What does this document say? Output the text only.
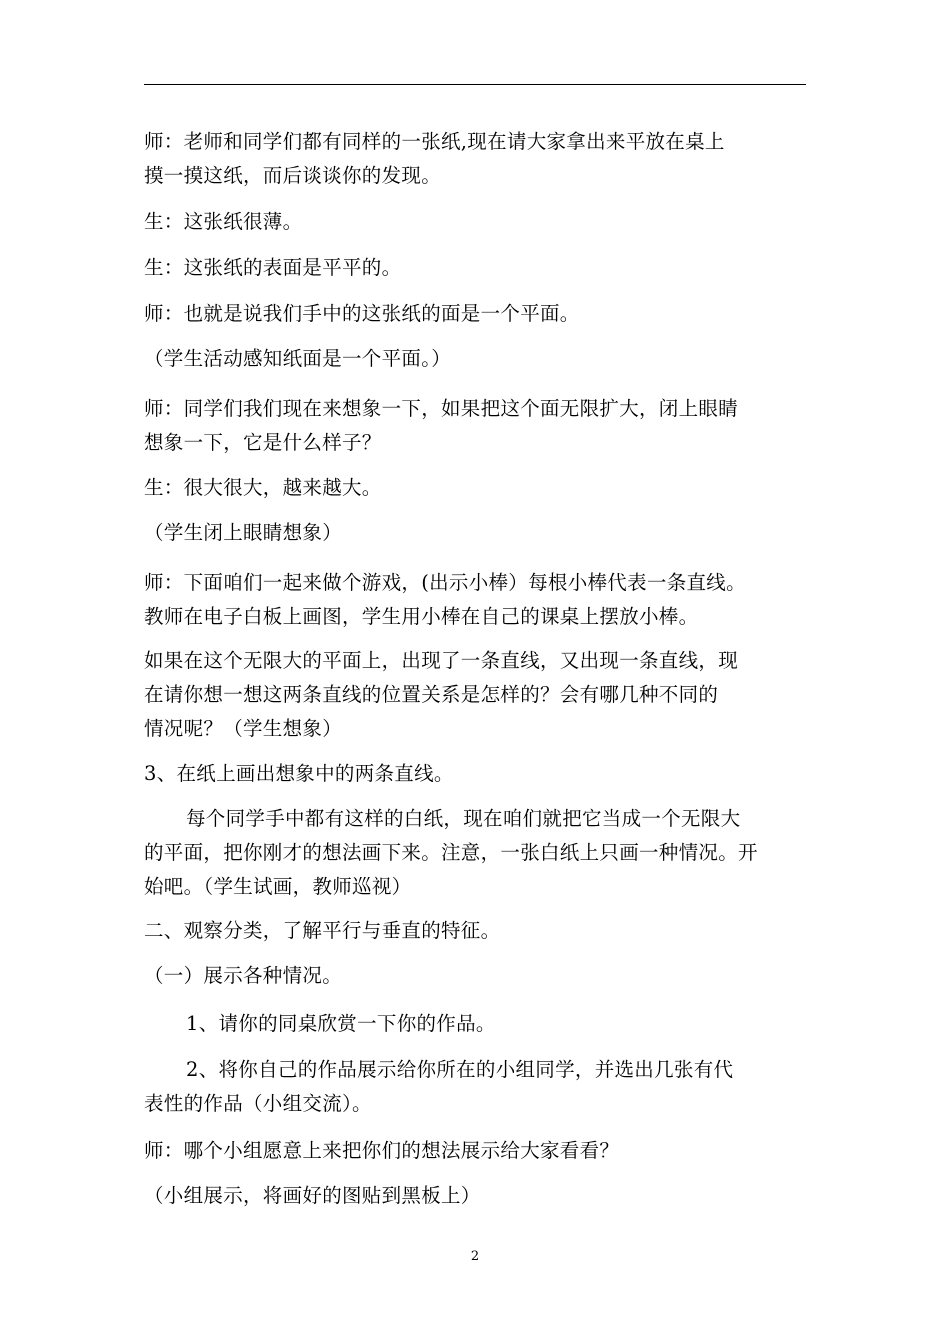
师：老师和同学们都有同样的一张纸,现在请大家拿出来平放在桌上
摸一摸这纸，而后谈谈你的发现。

生：这张纸很薄。

生：这张纸的表面是平平的。

师：也就是说我们手中的这张纸的面是一个平面。

（学生活动感知纸面是一个平面。）

师：同学们我们现在来想象一下，如果把这个面无限扩大，闭上眼睛
想象一下，它是什么样子？

生：很大很大，越来越大。

（学生闭上眼睛想象）

师：下面咱们一起来做个游戏，(出示小棒）每根小棒代表一条直线。
教师在电子白板上画图，学生用小棒在自己的课桌上摆放小棒。

如果在这个无限大的平面上，出现了一条直线，又出现一条直线，现
在请你想一想这两条直线的位置关系是怎样的？会有哪几种不同的
情况呢？（学生想象）

3、在纸上画出想象中的两条直线。

每个同学手中都有这样的白纸，现在咱们就把它当成一个无限大
的平面，把你刚才的想法画下来。注意，一张白纸上只画一种情况。开
始吧。（学生试画，教师巡视）

二、观察分类，了解平行与垂直的特征。

（一）展示各种情况。

1、请你的同桌欣赏一下你的作品。

2、将你自己的作品展示给你所在的小组同学，并选出几张有代
表性的作品（小组交流）。

师：哪个小组愿意上来把你们的想法展示给大家看看？

（小组展示，将画好的图贴到黑板上）

2
